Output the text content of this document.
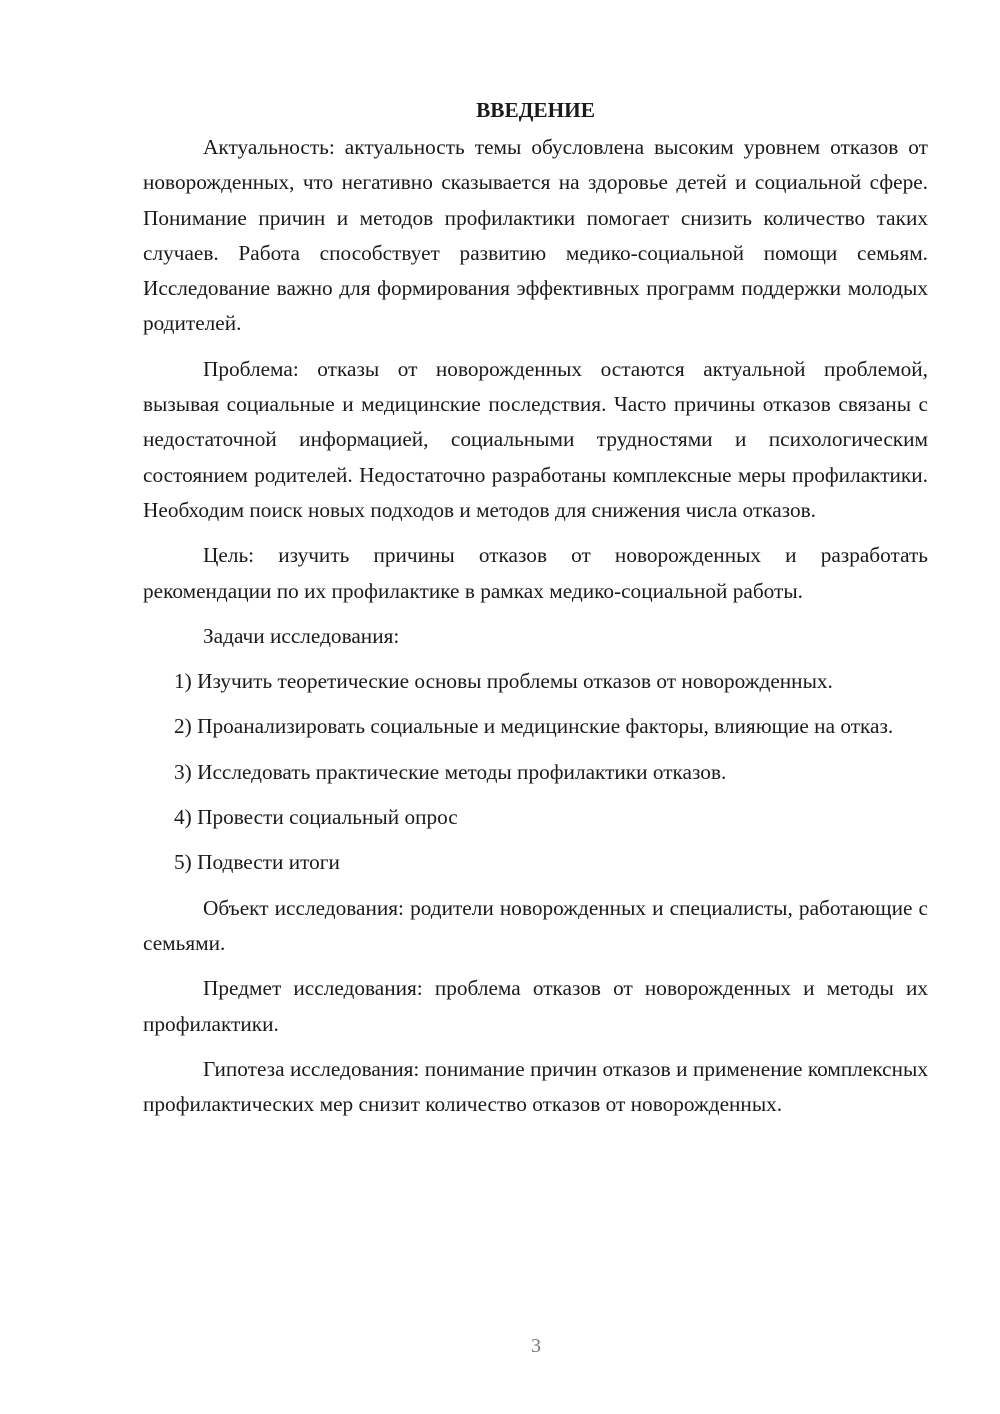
ВВЕДЕНИЕ

Актуальность: актуальность темы обусловлена высоким уровнем отказов от новорожденных, что негативно сказывается на здоровье детей и социальной сфере. Понимание причин и методов профилактики помогает снизить количество таких случаев. Работа способствует развитию медико-социальной помощи семьям. Исследование важно для формирования эффективных программ поддержки молодых родителей.

Проблема: отказы от новорожденных остаются актуальной проблемой, вызывая социальные и медицинские последствия. Часто причины отказов связаны с недостаточной информацией, социальными трудностями и психологическим состоянием родителей. Недостаточно разработаны комплексные меры профилактики. Необходим поиск новых подходов и методов для снижения числа отказов.

Цель: изучить причины отказов от новорожденных и разработать рекомендации по их профилактике в рамках медико-социальной работы.

Задачи исследования:

1) Изучить теоретические основы проблемы отказов от новорожденных.

2) Проанализировать социальные и медицинские факторы, влияющие на отказ.

3) Исследовать практические методы профилактики отказов.

4) Провести социальный опрос

5) Подвести итоги

Объект исследования: родители новорожденных и специалисты, работающие с семьями.

Предмет исследования: проблема отказов от новорожденных и методы их профилактики.

Гипотеза исследования: понимание причин отказов и применение комплексных профилактических мер снизит количество отказов от новорожденных.

3
